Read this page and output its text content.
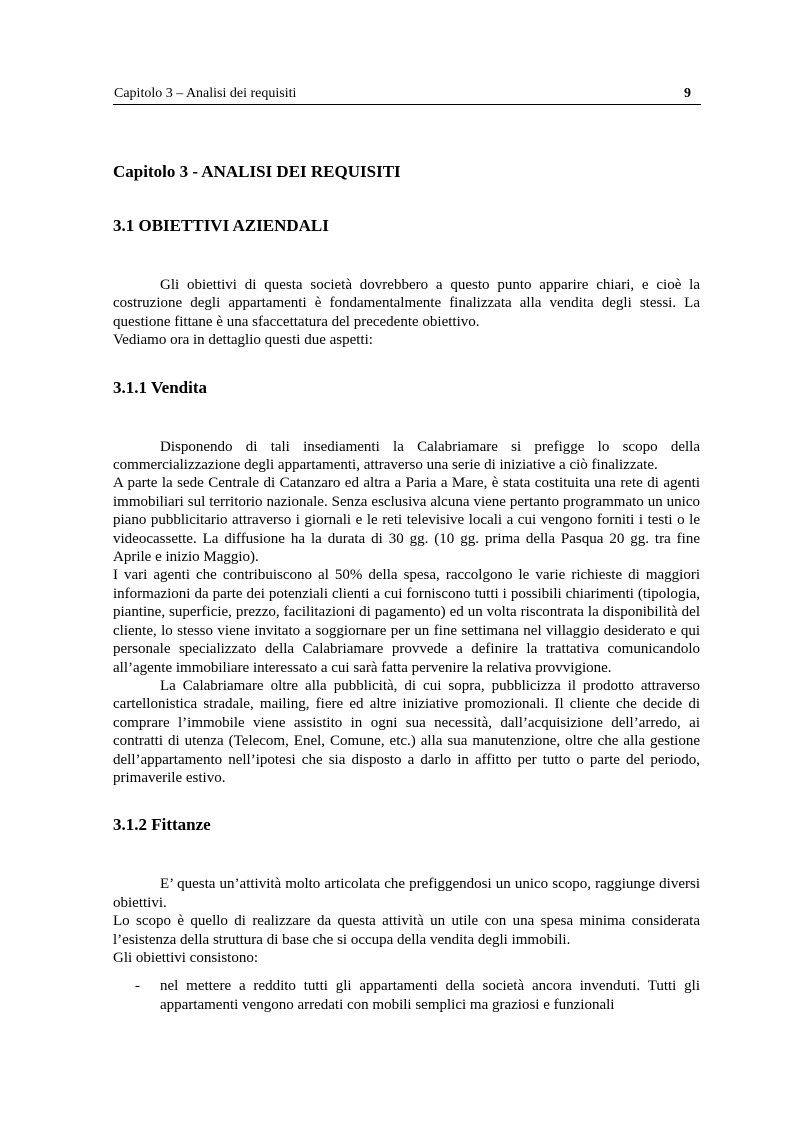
Capitolo 3 – Analisi dei requisiti	9
Capitolo 3 - ANALISI DEI REQUISITI
3.1 OBIETTIVI AZIENDALI

Gli obiettivi di questa società dovrebbero a questo punto apparire chiari, e cioè la costruzione degli appartamenti è fondamentalmente finalizzata alla vendita degli stessi. La questione fittane è una sfaccettatura del precedente obiettivo.

Vediamo ora in dettaglio questi due aspetti:

3.1.1 Vendita

Disponendo di tali insediamenti la Calabriamare si prefigge lo scopo della commercializzazione degli appartamenti, attraverso una serie di iniziative a ciò finalizzate.

A parte la sede Centrale di Catanzaro ed altra a Paria a Mare, è stata costituita una rete di agenti immobiliari sul territorio nazionale. Senza esclusiva alcuna viene pertanto programmato un unico piano pubblicitario attraverso i giornali e le reti televisive locali a cui vengono forniti i testi o le videocassette. La diffusione ha la durata di 30 gg. (10 gg. prima della Pasqua 20 gg. tra fine Aprile e inizio Maggio).

I vari agenti che contribuiscono al 50% della spesa, raccolgono le varie richieste di maggiori informazioni da parte dei potenziali clienti a cui forniscono tutti i possibili chiarimenti (tipologia, piantine, superficie, prezzo, facilitazioni di pagamento) ed un volta riscontrata la disponibilità del cliente, lo stesso viene invitato a soggiornare per un fine settimana nel villaggio desiderato e qui personale specializzato della Calabriamare provvede a definire la trattativa comunicandolo all’agente immobiliare interessato a cui sarà fatta pervenire la relativa provvigione.

La Calabriamare oltre alla pubblicità, di cui sopra, pubblicizza il prodotto attraverso cartellonistica stradale, mailing, fiere ed altre iniziative promozionali. Il cliente che decide di comprare l’immobile viene assistito in ogni sua necessità, dall’acquisizione dell’arredo, ai contratti di utenza (Telecom, Enel, Comune, etc.) alla sua manutenzione, oltre che alla gestione dell’appartamento nell’ipotesi che sia disposto a darlo in affitto per tutto o parte del periodo, primaverile estivo.

3.1.2 Fittanze

E’ questa un’attività molto articolata che prefiggendosi un unico scopo, raggiunge diversi obiettivi.

Lo scopo è quello di realizzare da questa attività un utile con una spesa minima considerata l’esistenza della struttura di base che si occupa della vendita degli immobili.

Gli obiettivi consistono:

- nel mettere a reddito tutti gli appartamenti della società ancora invenduti. Tutti gli appartamenti vengono arredati con mobili semplici ma graziosi e funzionali
